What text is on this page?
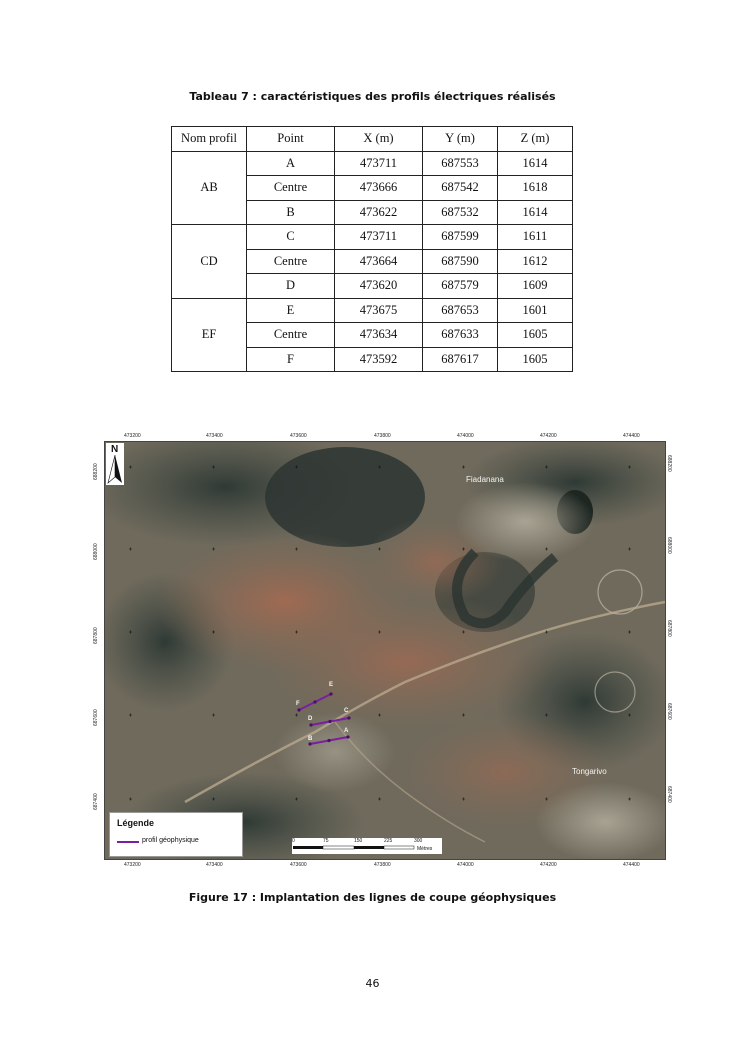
Tableau 7 : caractéristiques des profils électriques réalisés
Nom profil	Point	X (m)	Y (m)	Z (m)
AB	A	473711	687553	1614
	Centre	473666	687542	1618
	B	473622	687532	1614
CD	C	473711	687599	1611
	Centre	473664	687590	1612
	D	473620	687579	1609
EF	E	473675	687653	1601
	Centre	473634	687633	1605
	F	473592	687617	1605
473200	473400	473600	473800	474000	474200	474400
473200	473400	473600	473800	474000	474200	474400
688200
688000
687800
687600
687400
688200
688000
687800
687600
687400
N
Fiadanana
Tongarivo
E
F
C
D
A
B
Légende
profil géophysique	0	75	150	225	300
Mètres
Figure 17 : Implantation des lignes de coupe géophysiques
46
